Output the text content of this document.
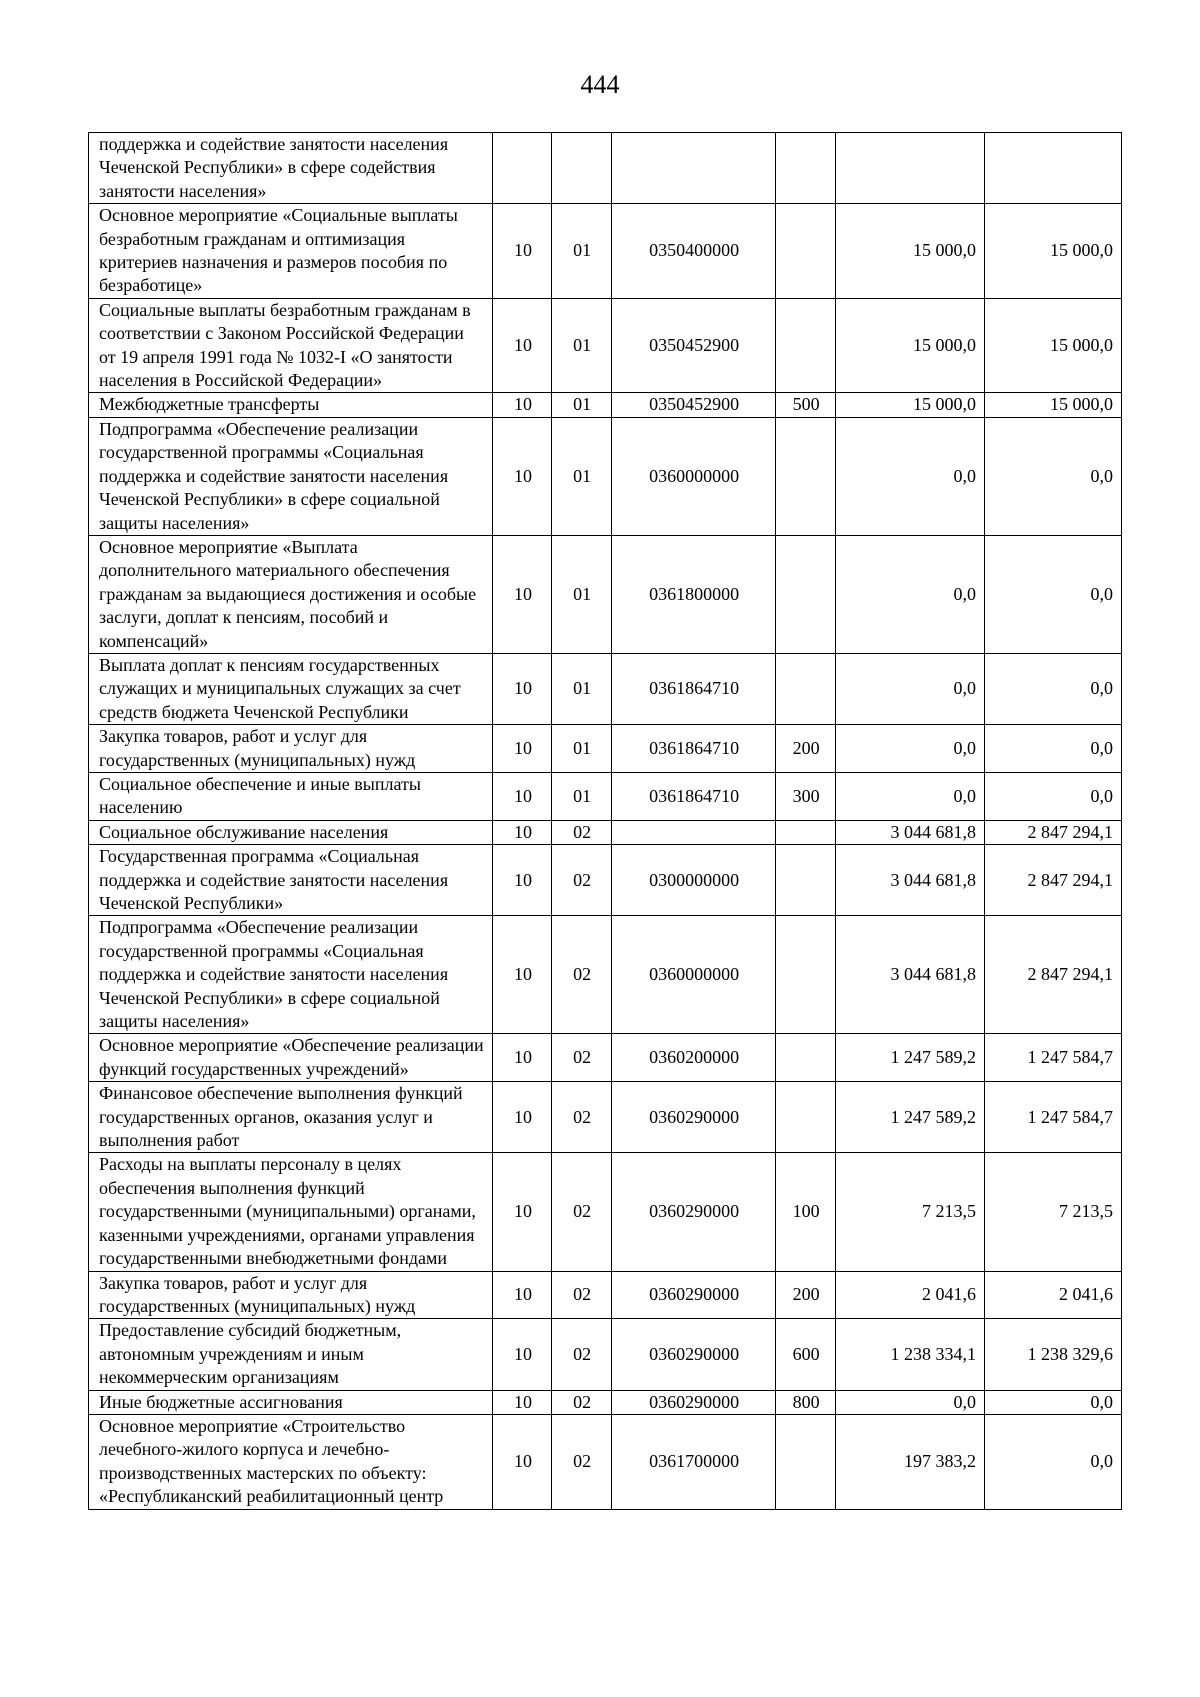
444
поддержка и содействие занятости населения Чеченской Республики» в сфере содействия занятости населения»						
Основное мероприятие «Социальные выплаты безработным гражданам и оптимизация критериев назначения и размеров пособия по безработице»	10	01	0350400000		15 000,0	15 000,0
Социальные выплаты безработным гражданам в соответствии с Законом Российской Федерации от 19 апреля 1991 года № 1032-I «О занятости населения в Российской Федерации»	10	01	0350452900		15 000,0	15 000,0
Межбюджетные трансферты	10	01	0350452900	500	15 000,0	15 000,0
Подпрограмма «Обеспечение реализации государственной программы «Социальная поддержка и содействие занятости населения Чеченской Республики» в сфере социальной защиты населения»	10	01	0360000000		0,0	0,0
Основное мероприятие «Выплата дополнительного материального обеспечения гражданам за выдающиеся достижения и особые заслуги, доплат к пенсиям, пособий и компенсаций»	10	01	0361800000		0,0	0,0
Выплата доплат к пенсиям государственных служащих и муниципальных служащих за счет средств бюджета Чеченской Республики	10	01	0361864710		0,0	0,0
Закупка товаров, работ и услуг для государственных (муниципальных) нужд	10	01	0361864710	200	0,0	0,0
Социальное обеспечение и иные выплаты населению	10	01	0361864710	300	0,0	0,0
Социальное обслуживание населения	10	02			3 044 681,8	2 847 294,1
Государственная программа «Социальная поддержка и содействие занятости населения Чеченской Республики»	10	02	0300000000		3 044 681,8	2 847 294,1
Подпрограмма «Обеспечение реализации государственной программы «Социальная поддержка и содействие занятости населения Чеченской Республики» в сфере социальной защиты населения»	10	02	0360000000		3 044 681,8	2 847 294,1
Основное мероприятие «Обеспечение реализации функций государственных учреждений»	10	02	0360200000		1 247 589,2	1 247 584,7
Финансовое обеспечение выполнения функций государственных органов, оказания услуг и выполнения работ	10	02	0360290000		1 247 589,2	1 247 584,7
Расходы на выплаты персоналу в целях обеспечения выполнения функций государственными (муниципальными) органами, казенными учреждениями, органами управления государственными внебюджетными фондами	10	02	0360290000	100	7 213,5	7 213,5
Закупка товаров, работ и услуг для государственных (муниципальных) нужд	10	02	0360290000	200	2 041,6	2 041,6
Предоставление субсидий бюджетным, автономным учреждениям и иным некоммерческим организациям	10	02	0360290000	600	1 238 334,1	1 238 329,6
Иные бюджетные ассигнования	10	02	0360290000	800	0,0	0,0
Основное мероприятие «Строительство лечебного-жилого корпуса и лечебно-производственных мастерских по объекту: «Республиканский реабилитационный центр	10	02	0361700000		197 383,2	0,0
